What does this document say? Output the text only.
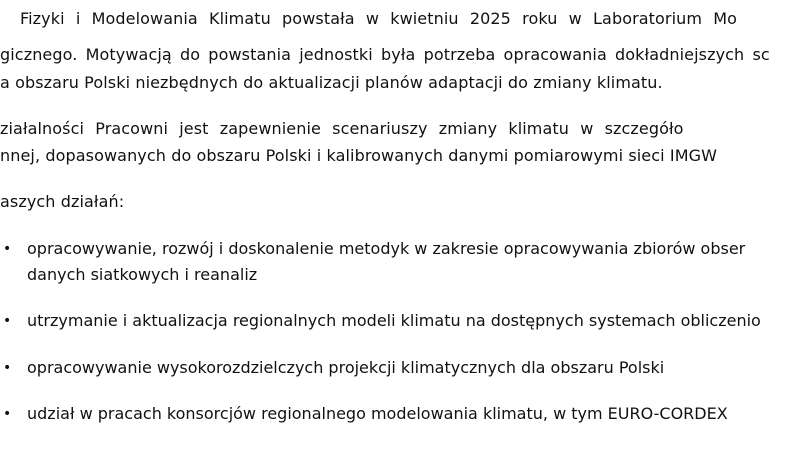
Fizyki i Modelowania Klimatu powstała w kwietniu 2025 roku w Laboratorium Mo
gicznego. Motywacją do powstania jednostki była potrzeba opracowania dokładniejszych sc
a obszaru Polski niezbędnych do aktualizacji planów adaptacji do zmiany klimatu.
ziałalności Pracowni jest zapewnienie scenariuszy zmiany klimatu w szczegóło
nnej, dopasowanych do obszaru Polski i kalibrowanych danymi pomiarowymi sieci IMGW
aszych działań:
• opracowywanie, rozwój i doskonalenie metodyk w zakresie opracowywania zbiorów obser
danych siatkowych i reanaliz
• utrzymanie i aktualizacja regionalnych modeli klimatu na dostępnych systemach obliczenio
• opracowywanie wysokorozdzielczych projekcji klimatycznych dla obszaru Polski
• udział w pracach konsorcjów regionalnego modelowania klimatu, w tym EURO-CORDEX
